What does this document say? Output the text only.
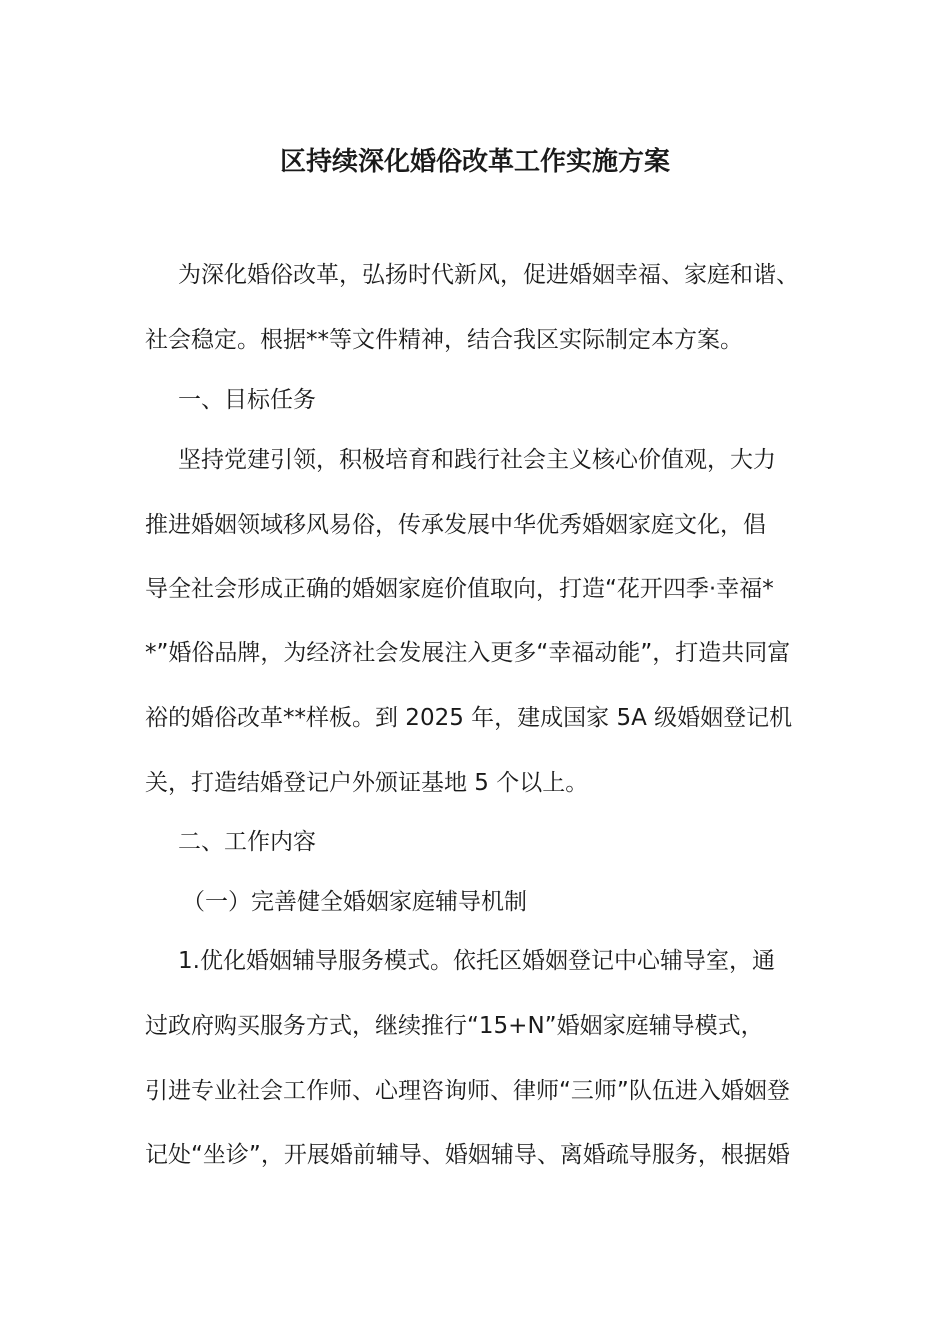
区持续深化婚俗改革工作实施方案

为深化婚俗改革，弘扬时代新风，促进婚姻幸福、家庭和谐、

社会稳定。根据**等文件精神，结合我区实际制定本方案。

一、目标任务

坚持党建引领，积极培育和践行社会主义核心价值观，大力

推进婚姻领域移风易俗，传承发展中华优秀婚姻家庭文化，倡

导全社会形成正确的婚姻家庭价值取向，打造“花开四季·幸福*

*”婚俗品牌，为经济社会发展注入更多“幸福动能”，打造共同富

裕的婚俗改革**样板。到 2025 年，建成国家 5A 级婚姻登记机

关，打造结婚登记户外颁证基地 5 个以上。

二、工作内容

（一）完善健全婚姻家庭辅导机制

1.优化婚姻辅导服务模式。依托区婚姻登记中心辅导室，通

过政府购买服务方式，继续推行“15+N”婚姻家庭辅导模式，

引进专业社会工作师、心理咨询师、律师“三师”队伍进入婚姻登

记处“坐诊”，开展婚前辅导、婚姻辅导、离婚疏导服务，根据婚
